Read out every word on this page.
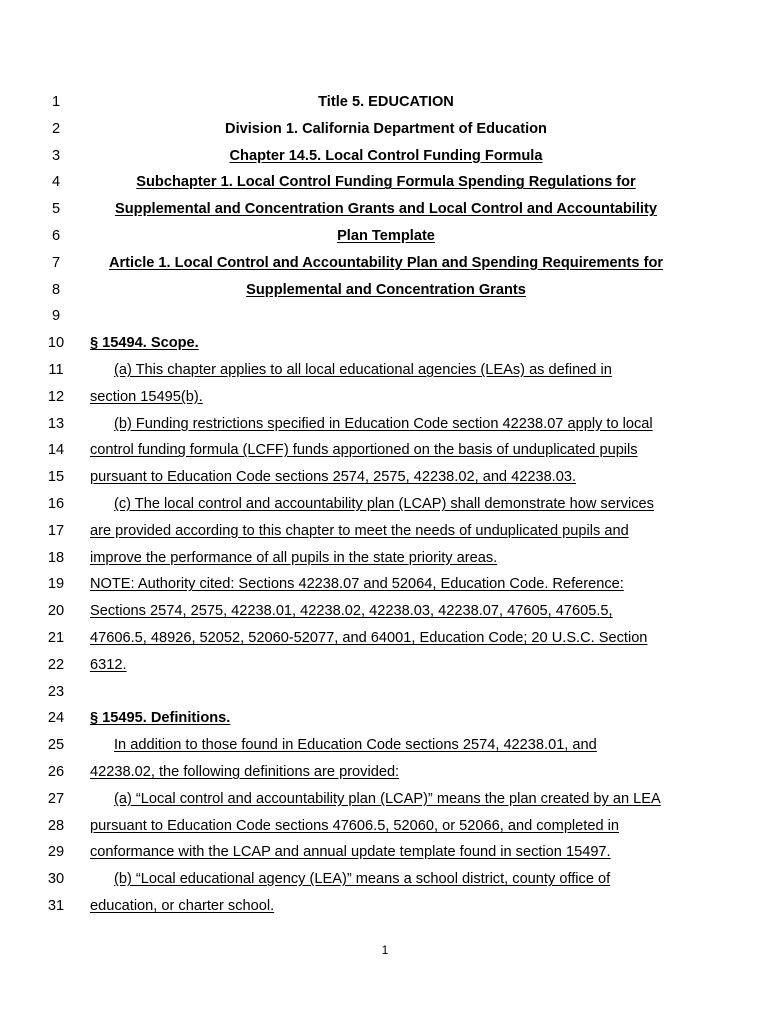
1	Title 5. EDUCATION
2	Division 1. California Department of Education
3	Chapter 14.5. Local Control Funding Formula
4	Subchapter 1. Local Control Funding Formula Spending Regulations for
5	Supplemental and Concentration Grants and Local Control and Accountability
6	Plan Template
7	Article 1. Local Control and Accountability Plan and Spending Requirements for
8	Supplemental and Concentration Grants
9
10 § 15494. Scope.
11	(a) This chapter applies to all local educational agencies (LEAs) as defined in
12 section 15495(b).
13	(b) Funding restrictions specified in Education Code section 42238.07 apply to local
14 control funding formula (LCFF) funds apportioned on the basis of unduplicated pupils
15 pursuant to Education Code sections 2574, 2575, 42238.02, and 42238.03.
16	(c) The local control and accountability plan (LCAP) shall demonstrate how services
17 are provided according to this chapter to meet the needs of unduplicated pupils and
18 improve the performance of all pupils in the state priority areas.
19 NOTE: Authority cited: Sections 42238.07 and 52064, Education Code. Reference:
20 Sections 2574, 2575, 42238.01, 42238.02, 42238.03, 42238.07, 47605, 47605.5,
21 47606.5, 48926, 52052, 52060-52077, and 64001, Education Code; 20 U.S.C. Section
22 6312.
23
24 § 15495. Definitions.
25	In addition to those found in Education Code sections 2574, 42238.01, and
26 42238.02, the following definitions are provided:
27	(a) “Local control and accountability plan (LCAP)” means the plan created by an LEA
28 pursuant to Education Code sections 47606.5, 52060, or 52066, and completed in
29 conformance with the LCAP and annual update template found in section 15497.
30	(b) “Local educational agency (LEA)” means a school district, county office of
31 education, or charter school.
1
